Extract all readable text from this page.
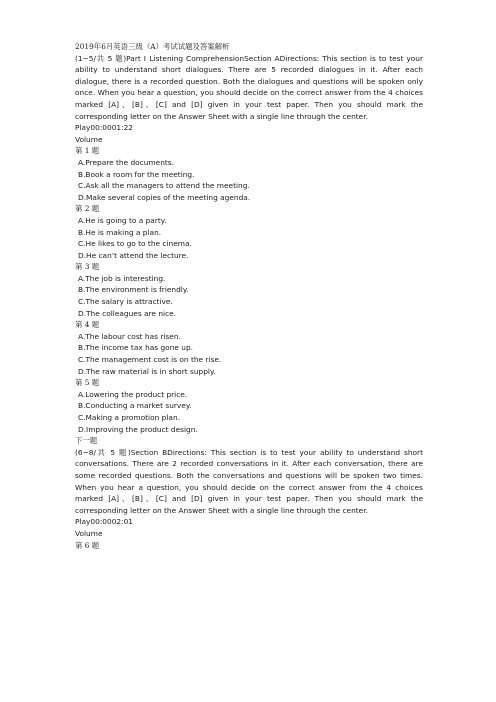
2019年6月英语三级（A）考试试题及答案解析
(1~5/共 5 题)Part Ⅰ Listening ComprehensionSection ADirections: This section is to test your ability to understand short dialogues. There are 5 recorded dialogues in it. After each dialogue, there is a recorded question. Both the dialogues and questions will be spoken only once. When you hear a question, you should decide on the correct answer from the 4 choices marked [A]、[B]、[C] and [D] given in your test paper. Then you should mark the corresponding letter on the Answer Sheet with a single line through the center.
Play00:0001:22
Volume
第 1 题
A.Prepare the documents.
B.Book a room for the meeting.
C.Ask all the managers to attend the meeting.
D.Make several copies of the meeting agenda.
第 2 题
A.He is going to a party.
B.He is making a plan.
C.He likes to go to the cinema.
D.He can’t attend the lecture.
第 3 题
A.The job is interesting.
B.The environment is friendly.
C.The salary is attractive.
D.The colleagues are nice.
第 4 题
A.The labour cost has risen.
B.The income tax has gone up.
C.The management cost is on the rise.
D.The raw material is in short supply.
第 5 题
A.Lowering the product price.
B.Conducting a market survey.
C.Making a promotion plan.
D.Improving the product design.
下一题
(6~8/共 5 题)Section BDirections: This section is to test your ability to understand short conversations. There are 2 recorded conversations in it. After each conversation, there are some recorded questions. Both the conversations and questions will be spoken two times. When you hear a question, you should decide on the correct answer from the 4 choices marked [A]、[B]、[C] and [D] given in your test paper. Then you should mark the corresponding letter on the Answer Sheet with a single line through the center.
Play00:0002:01
Volume
第 6 题
